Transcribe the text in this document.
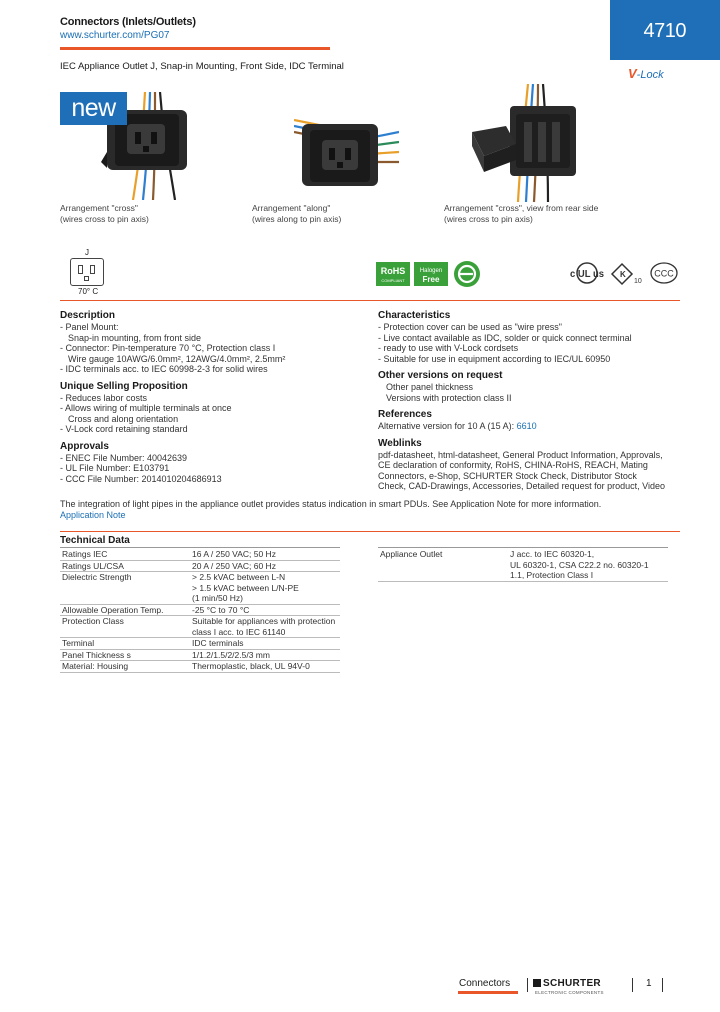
Connectors (Inlets/Outlets)
www.schurter.com/PG07	4710
IEC Appliance Outlet J, Snap-in Mounting, Front Side, IDC Terminal	V-Lock
new
Arrangement "cross"
(wires cross to pin axis)
Arrangement "along"
(wires along to pin axis)
Arrangement "cross", view from rear side
(wires cross to pin axis)
J
70° C
RoHS
COMPLIANT
Halogen
Free	c UL us K
10
CCC
Description

- Panel Mount:

Snap-in mounting, from front side

- Connector: Pin-temperature 70 °C, Protection class I

Wire gauge 10AWG/6.0mm², 12AWG/4.0mm², 2.5mm²

- IDC terminals acc. to IEC 60998-2-3 for solid wires

Unique Selling Proposition

- Reduces labor costs

- Allows wiring of multiple terminals at once

Cross and along orientation

- V-Lock cord retaining standard

Approvals

- ENEC File Number: 40042639

- UL File Number: E103791

- CCC File Number: 2014010204686913

Characteristics

- Protection cover can be used as "wire press"

- Live contact available as IDC, solder or quick connect terminal

- ready to use with V-Lock cordsets

- Suitable for use in equipment according to IEC/UL 60950

Other versions on request

Other panel thickness

Versions with protection class II

References

Alternative version for 10 A (15 A): 6610

Weblinks

pdf-datasheet, html-datasheet, General Product Information, Approvals,

CE declaration of conformity, RoHS, CHINA-RoHS, REACH, Mating

Connectors, e-Shop, SCHURTER Stock Check, Distributor Stock

Check, CAD-Drawings, Accessories, Detailed request for product, Video

The integration of light pipes in the appliance outlet provides status indication in smart PDUs. See Application Note for more information.
Application Note
Technical Data
Ratings IEC	16 A / 250 VAC; 50 Hz

Ratings UL/CSA	20 A / 250 VAC; 60 Hz

Dielectric Strength	> 2.5 kVAC between L-N
> 1.5 kVAC between L/N-PE
(1 min/50 Hz)

Allowable Operation Temp.	-25 °C to 70 °C

Protection Class	Suitable for appliances with protection
class I acc. to IEC 61140

Terminal	IDC terminals

Panel Thickness s	1/1.2/1.5/2/2.5/3 mm

Material: Housing	Thermoplastic, black, UL 94V-0
Appliance Outlet	J acc. to IEC 60320-1,
UL 60320-1, CSA C22.2 no. 60320-1
1.1, Protection Class I
Connectors	SCHURTER
ELECTRONIC COMPONENTS
1
